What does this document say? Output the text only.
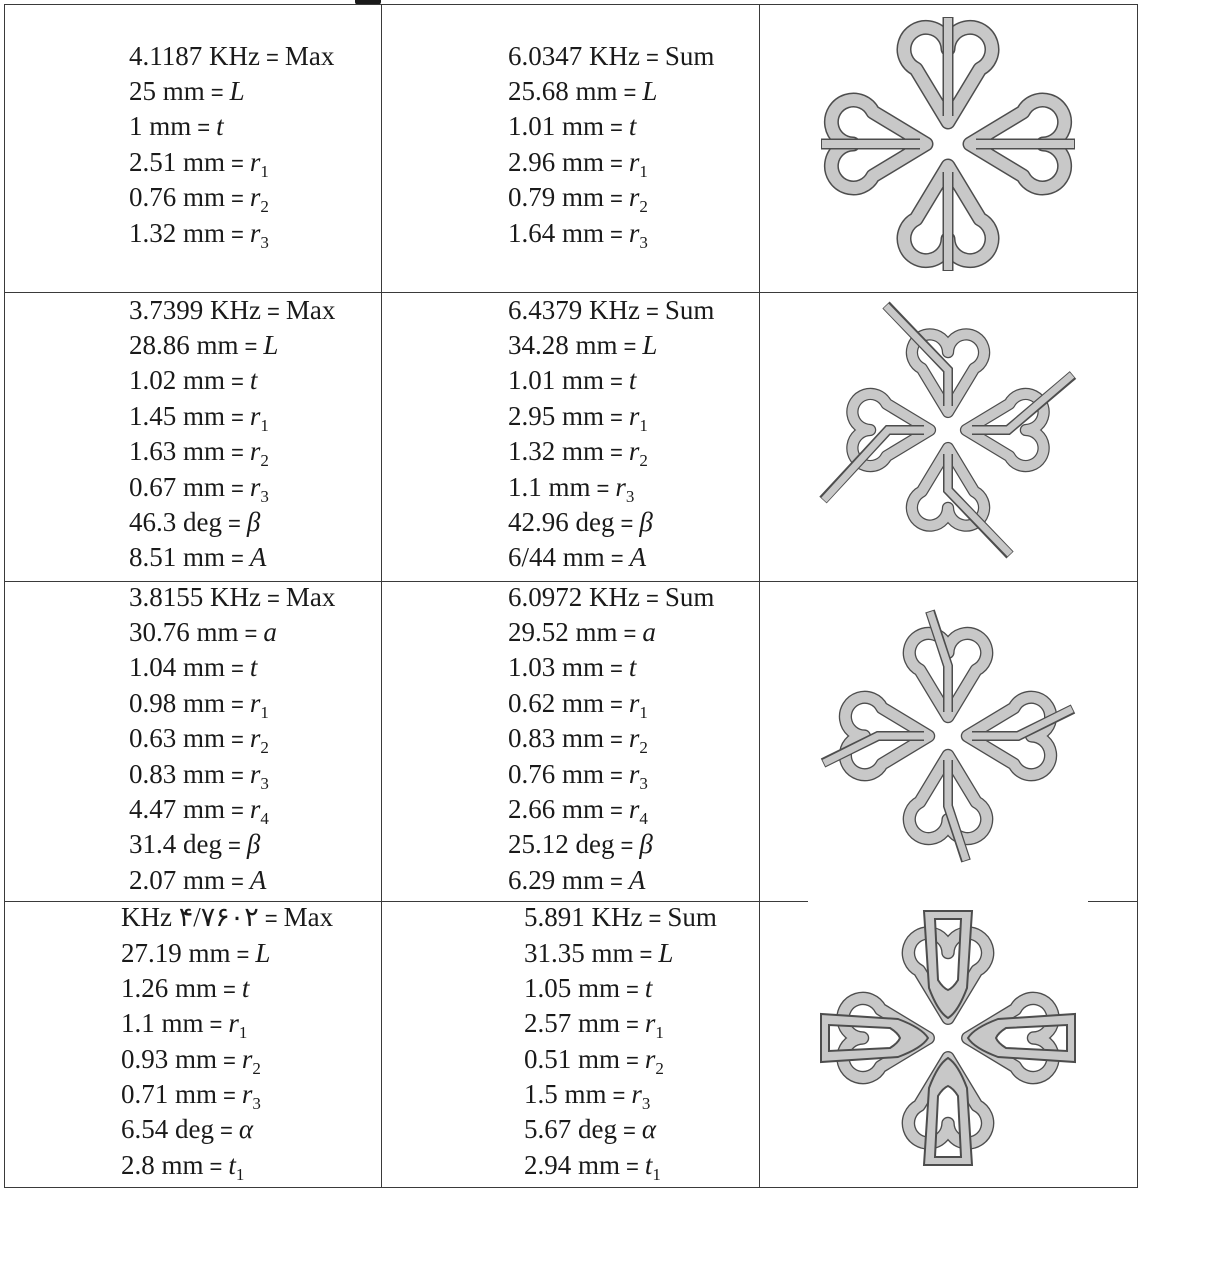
4.1187 KHz = Max
25 mm = L
1 mm = t
2.51 mm = $r_1$
0.76 mm = $r_2$
1.32 mm = $r_3$
6.0347 KHz = Sum
25.68 mm = L
1.01 mm = t
2.96 mm = $r_1$
0.79 mm = $r_2$
1.64 mm = $r_3$
3.7399 KHz = Max
28.86 mm = L
1.02 mm = t
1.45 mm = $r_1$
1.63 mm = $r_2$
0.67 mm = $r_3$
46.3 deg = β
8.51 mm = A
6.4379 KHz = Sum
34.28 mm = L
1.01 mm = t
2.95 mm = $r_1$
1.32 mm = $r_2$
1.1 mm = $r_3$
42.96 deg = β
6/44 mm = A
3.8155 KHz = Max
30.76 mm = a
1.04 mm = t
0.98 mm = $r_1$
0.63 mm = $r_2$
0.83 mm = $r_3$
4.47 mm = $r_4$
31.4 deg = β
2.07 mm = A
6.0972 KHz = Sum
29.52 mm = a
1.03 mm = t
0.62 mm = $r_1$
0.83 mm = $r_2$
0.76 mm = $r_3$
2.66 mm = $r_4$
25.12 deg = β
6.29 mm = A
KHz ۴/۷۶۰۲ = Max
27.19 mm = L
1.26 mm = t
1.1 mm = $r_1$
0.93 mm = $r_2$
0.71 mm = $r_3$
6.54 deg = α
2.8 mm = $t_1$
5.891 KHz = Sum
31.35 mm = L
1.05 mm = t
2.57 mm = $r_1$
0.51 mm = $r_2$
1.5 mm = $r_3$
5.67 deg = α
2.94 mm = $t_1$
